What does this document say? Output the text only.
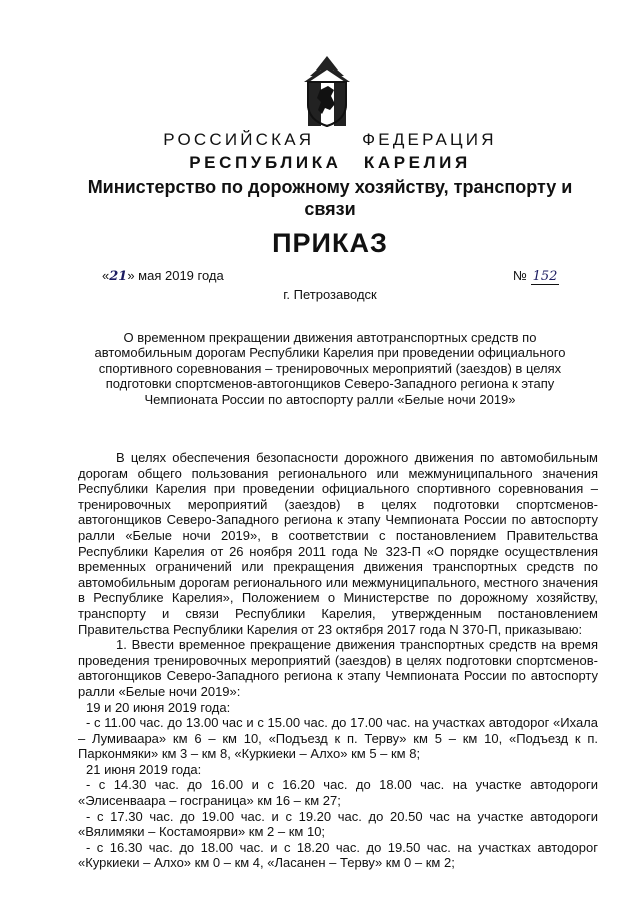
РОССИЙСКАЯ ФЕДЕРАЦИЯ
РЕСПУБЛИКА КАРЕЛИЯ
Министерство по дорожному хозяйству, транспорту и связи
ПРИКАЗ
«21» мая 2019 года	№ 152
г. Петрозаводск
О временном прекращении движения автотранспортных средств по автомобильным дорогам Республики Карелия при проведении официального спортивного соревнования – тренировочных мероприятий (заездов) в целях подготовки спортсменов-автогонщиков Северо-Западного региона к этапу Чемпионата России по автоспорту ралли «Белые ночи 2019»

В целях обеспечения безопасности дорожного движения по автомобильным дорогам общего пользования регионального или межмуниципального значения Республики Карелия при проведении официального спортивного соревнования – тренировочных мероприятий (заездов) в целях подготовки спортсменов-автогонщиков Северо-Западного региона к этапу Чемпионата России по автоспорту ралли «Белые ночи 2019», в соответствии с постановлением Правительства Республики Карелия от 26 ноября 2011 года № 323-П «О порядке осуществления временных ограничений или прекращения движения транспортных средств по автомобильным дорогам регионального или межмуниципального, местного значения в Республике Карелия», Положением о Министерстве по дорожному хозяйству, транспорту и связи Республики Карелия, утвержденным постановлением Правительства Республики Карелия от 23 октября 2017 года N 370-П, приказываю:

1. Ввести временное прекращение движения транспортных средств на время проведения тренировочных мероприятий (заездов) в целях подготовки спортсменов-автогонщиков Северо-Западного региона к этапу Чемпионата России по автоспорту ралли «Белые ночи 2019»:

19 и 20 июня 2019 года:

- с 11.00 час. до 13.00 час и с 15.00 час. до 17.00 час. на участках автодорог «Ихала – Лумиваара» км 6 – км 10, «Подъезд к п. Терву» км 5 – км 10, «Подъезд к п. Парконмяки» км 3 – км 8, «Куркиеки – Алхо» км 5 – км 8;

21 июня 2019 года:

- с 14.30 час. до 16.00 и с 16.20 час. до 18.00 час. на участке автодороги «Элисенваара – госграница» км 16 – км 27;

- с 17.30 час. до 19.00 час. и с 19.20 час. до 20.50 час на участке автодороги «Вялимяки – Костамоярви» км 2 – км 10;

- с 16.30 час. до 18.00 час. и с 18.20 час. до 19.50 час. на участках автодорог «Куркиеки – Алхо» км 0 – км 4, «Ласанен – Терву» км 0 – км 2;
